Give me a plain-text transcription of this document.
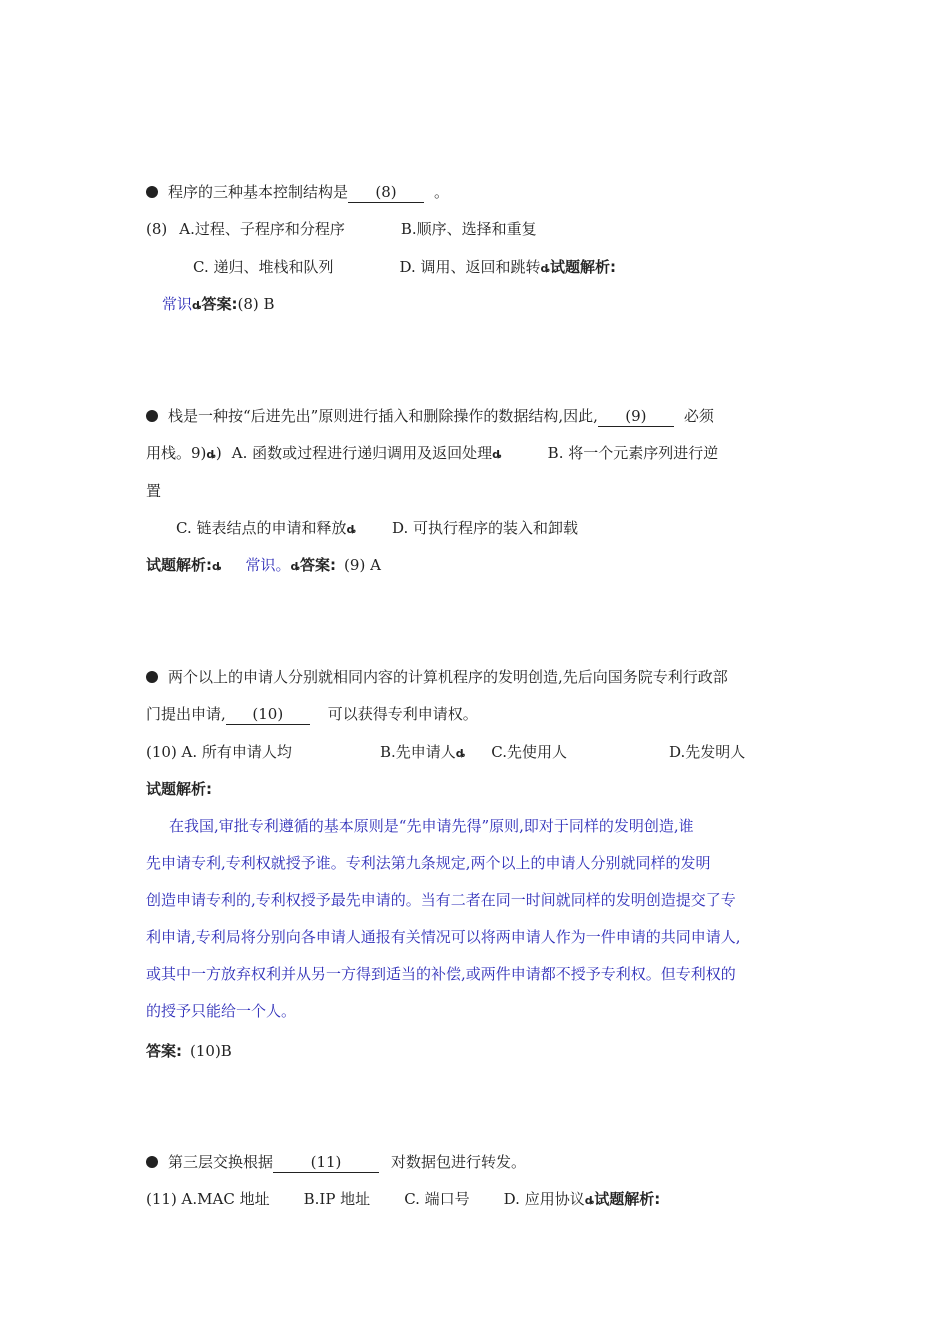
程序的三种基本控制结构是 (8) 。
(8) A.过程、子程序和分程序	B.顺序、选择和重复
C. 递归、堆栈和队列	D. 调用、返回和跳转ȡ试题解析:
常识ȡ答案:(8) B
栈是一种按“后进先出”原则进行插入和删除操作的数据结构,因此, (9) 必须
用栈。9)ȡ) A. 函数或过程进行递归调用及返回处理ȡ	B. 将一个元素序列进行逆
置
C. 链表结点的申请和释放ȡ D. 可执行程序的装入和卸载
试题解析:ȡ 常识。ȡ答案: (9) A
两个以上的申请人分别就相同内容的计算机程序的发明创造,先后向国务院专利行政部
门提出申请, (10)	可以获得专利申请权。
(10) A. 所有申请人均	B.先申请人ȡ C.先使用人	D.先发明人
试题解析:
在我国,审批专利遵循的基本原则是“先申请先得”原则,即对于同样的发明创造,谁
先申请专利,专利权就授予谁。专利法第九条规定,两个以上的申请人分别就同样的发明
创造申请专利的,专利权授予最先申请的。当有二者在同一时间就同样的发明创造提交了专
利申请,专利局将分别向各申请人通报有关情况可以将两申请人作为一件申请的共同申请人,
或其中一方放弃权利并从另一方得到适当的补偿,或两件申请都不授予专利权。但专利权的
的授予只能给一个人。
答案: (10)B
第三层交换根据	(11)	对数据包进行转发。
(11) A.MAC 地址 B.IP 地址 C. 端口号 D. 应用协议ȡ试题解析:
